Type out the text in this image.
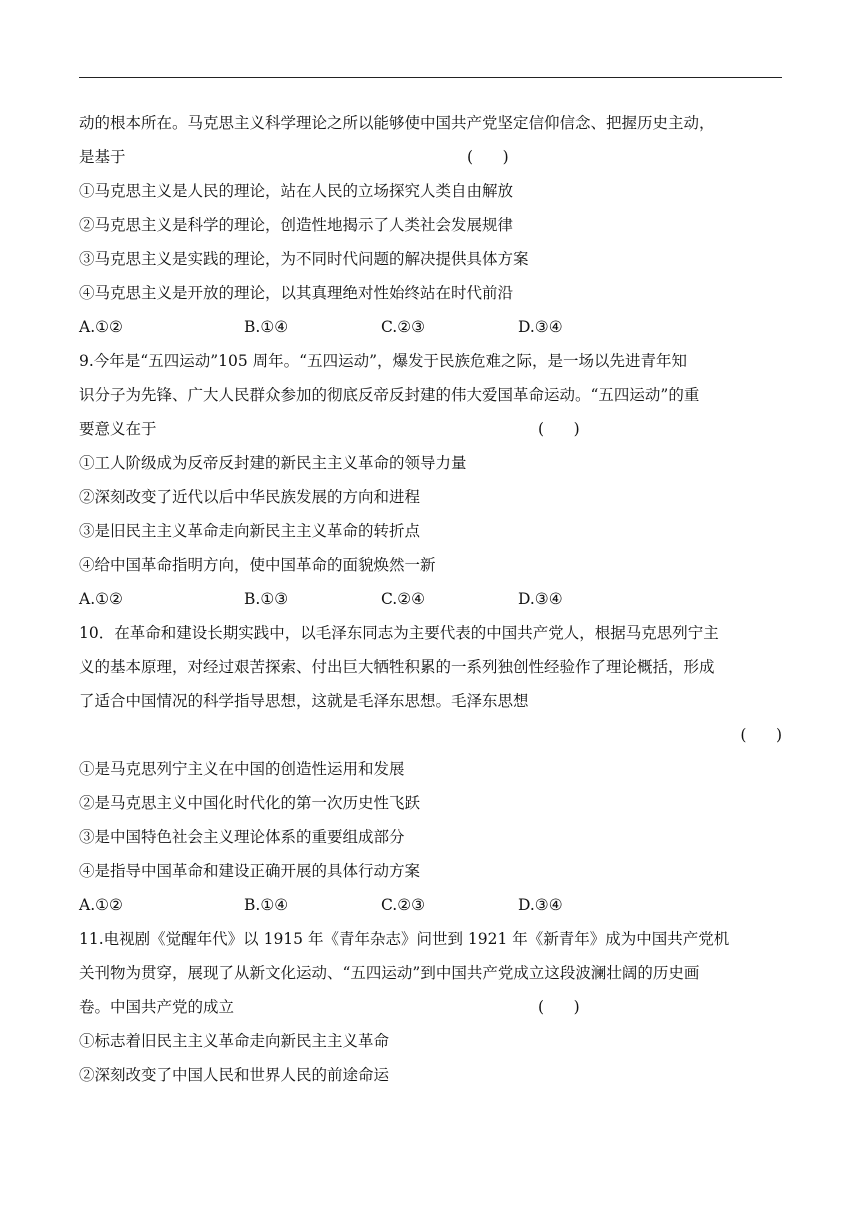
动的根本所在。马克思主义科学理论之所以能够使中国共产党坚定信仰信念、把握历史主动，
是基于	(      )
①马克思主义是人民的理论，站在人民的立场探究人类自由解放
②马克思主义是科学的理论，创造性地揭示了人类社会发展规律
③马克思主义是实践的理论，为不同时代问题的解决提供具体方案
④马克思主义是开放的理论，以其真理绝对性始终站在时代前沿
A.①②	B.①④	C.②③	D.③④
9.今年是“五四运动”105 周年。“五四运动”，爆发于民族危难之际，是一场以先进青年知
识分子为先锋、广大人民群众参加的彻底反帝反封建的伟大爱国革命运动。“五四运动”的重
要意义在于	(      )
①工人阶级成为反帝反封建的新民主主义革命的领导力量
②深刻改变了近代以后中华民族发展的方向和进程
③是旧民主主义革命走向新民主主义革命的转折点
④给中国革命指明方向，使中国革命的面貌焕然一新
A.①②	B.①③	C.②④	D.③④
10．在革命和建设长期实践中，以毛泽东同志为主要代表的中国共产党人，根据马克思列宁主
义的基本原理，对经过艰苦探索、付出巨大牺牲积累的一系列独创性经验作了理论概括，形成
了适合中国情况的科学指导思想，这就是毛泽东思想。毛泽东思想
(      )
①是马克思列宁主义在中国的创造性运用和发展
②是马克思主义中国化时代化的第一次历史性飞跃
③是中国特色社会主义理论体系的重要组成部分
④是指导中国革命和建设正确开展的具体行动方案
A.①②	B.①④	C.②③	D.③④
11.电视剧《觉醒年代》以 1915 年《青年杂志》问世到 1921 年《新青年》成为中国共产党机
关刊物为贯穿，展现了从新文化运动、“五四运动”到中国共产党成立这段波澜壮阔的历史画
卷。中国共产党的成立	(      )
①标志着旧民主主义革命走向新民主主义革命
②深刻改变了中国人民和世界人民的前途命运
